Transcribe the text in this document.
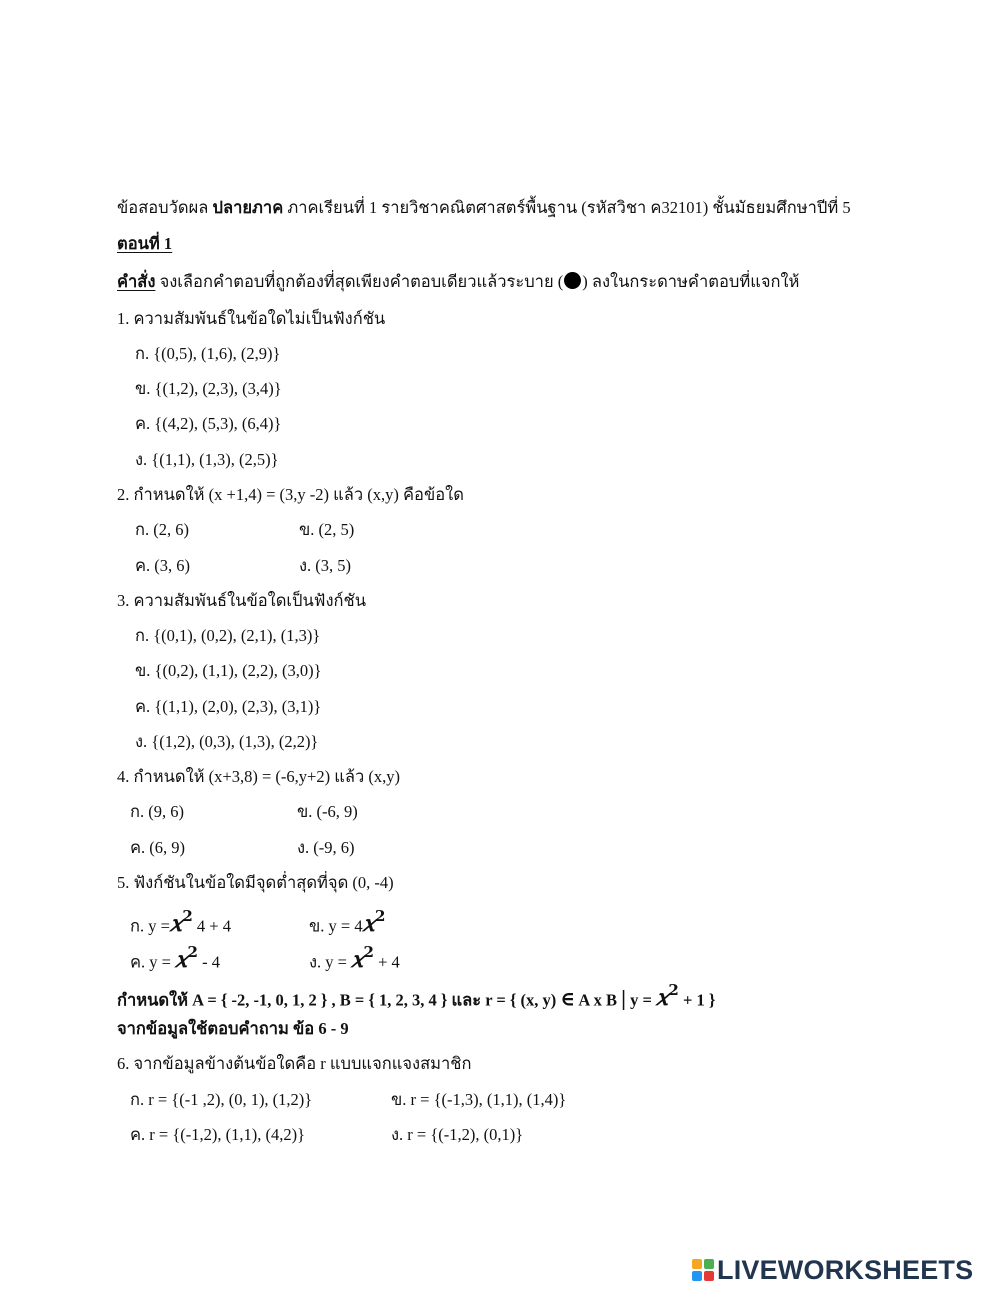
ข้อสอบวัดผล ปลายภาค ภาคเรียนที่ 1 รายวิชาคณิตศาสตร์พื้นฐาน (รหัสวิชา ค32101) ชั้นมัธยมศึกษาปีที่ 5
ตอนที่ 1
คำสั่ง จงเลือกคำตอบที่ถูกต้องที่สุดเพียงคำตอบเดียวแล้วระบาย ( ) ลงในกระดาษคำตอบที่แจกให้
1. ความสัมพันธ์ในข้อใดไม่เป็นฟังก์ชัน
ก. {(0,5), (1,6), (2,9)}
ข. {(1,2), (2,3), (3,4)}
ค. {(4,2), (5,3), (6,4)}
ง. {(1,1), (1,3), (2,5)}
2. กำหนดให้ (x +1,4) = (3,y -2) แล้ว (x,y) คือข้อใด
ก. (2, 6)	ข. (2, 5)
ค. (3, 6)	ง. (3, 5)
3. ความสัมพันธ์ในข้อใดเป็นฟังก์ชัน
ก. {(0,1), (0,2), (2,1), (1,3)}
ข. {(0,2), (1,1), (2,2), (3,0)}
ค. {(1,1), (2,0), (2,3), (3,1)}
ง. {(1,2), (0,3), (1,3), (2,2)}
4. กำหนดให้ (x+3,8) = (-6,y+2) แล้ว (x,y)
ก. (9, 6)	ข. (-6, 9)
ค. (6, 9)	ง. (-9, 6)
5. ฟังก์ชันในข้อใดมีจุดต่ำสุดที่จุด (0, -4)
ก. y =𝑥$^2$ 4 + 4	ข. y = 4𝑥$^2$
ค. y = 𝑥$^2$ - 4	ง. y = 𝑥$^2$ + 4
กำหนดให้ A = { -2, -1, 0, 1, 2 } , B = { 1, 2, 3, 4 } และ r = { (x, y) ∈ A x B | y = 𝑥$^2$ + 1 }
จากข้อมูลใช้ตอบคำถาม ข้อ 6 - 9
6. จากข้อมูลข้างต้นข้อใดคือ r แบบแจกแจงสมาชิก
ก. r = {(-1 ,2), (0, 1), (1,2)}	ข. r = {(-1,3), (1,1), (1,4)}
ค. r = {(-1,2), (1,1), (4,2)}	ง. r = {(-1,2), (0,1)}
LIVEWORKSHEETS
